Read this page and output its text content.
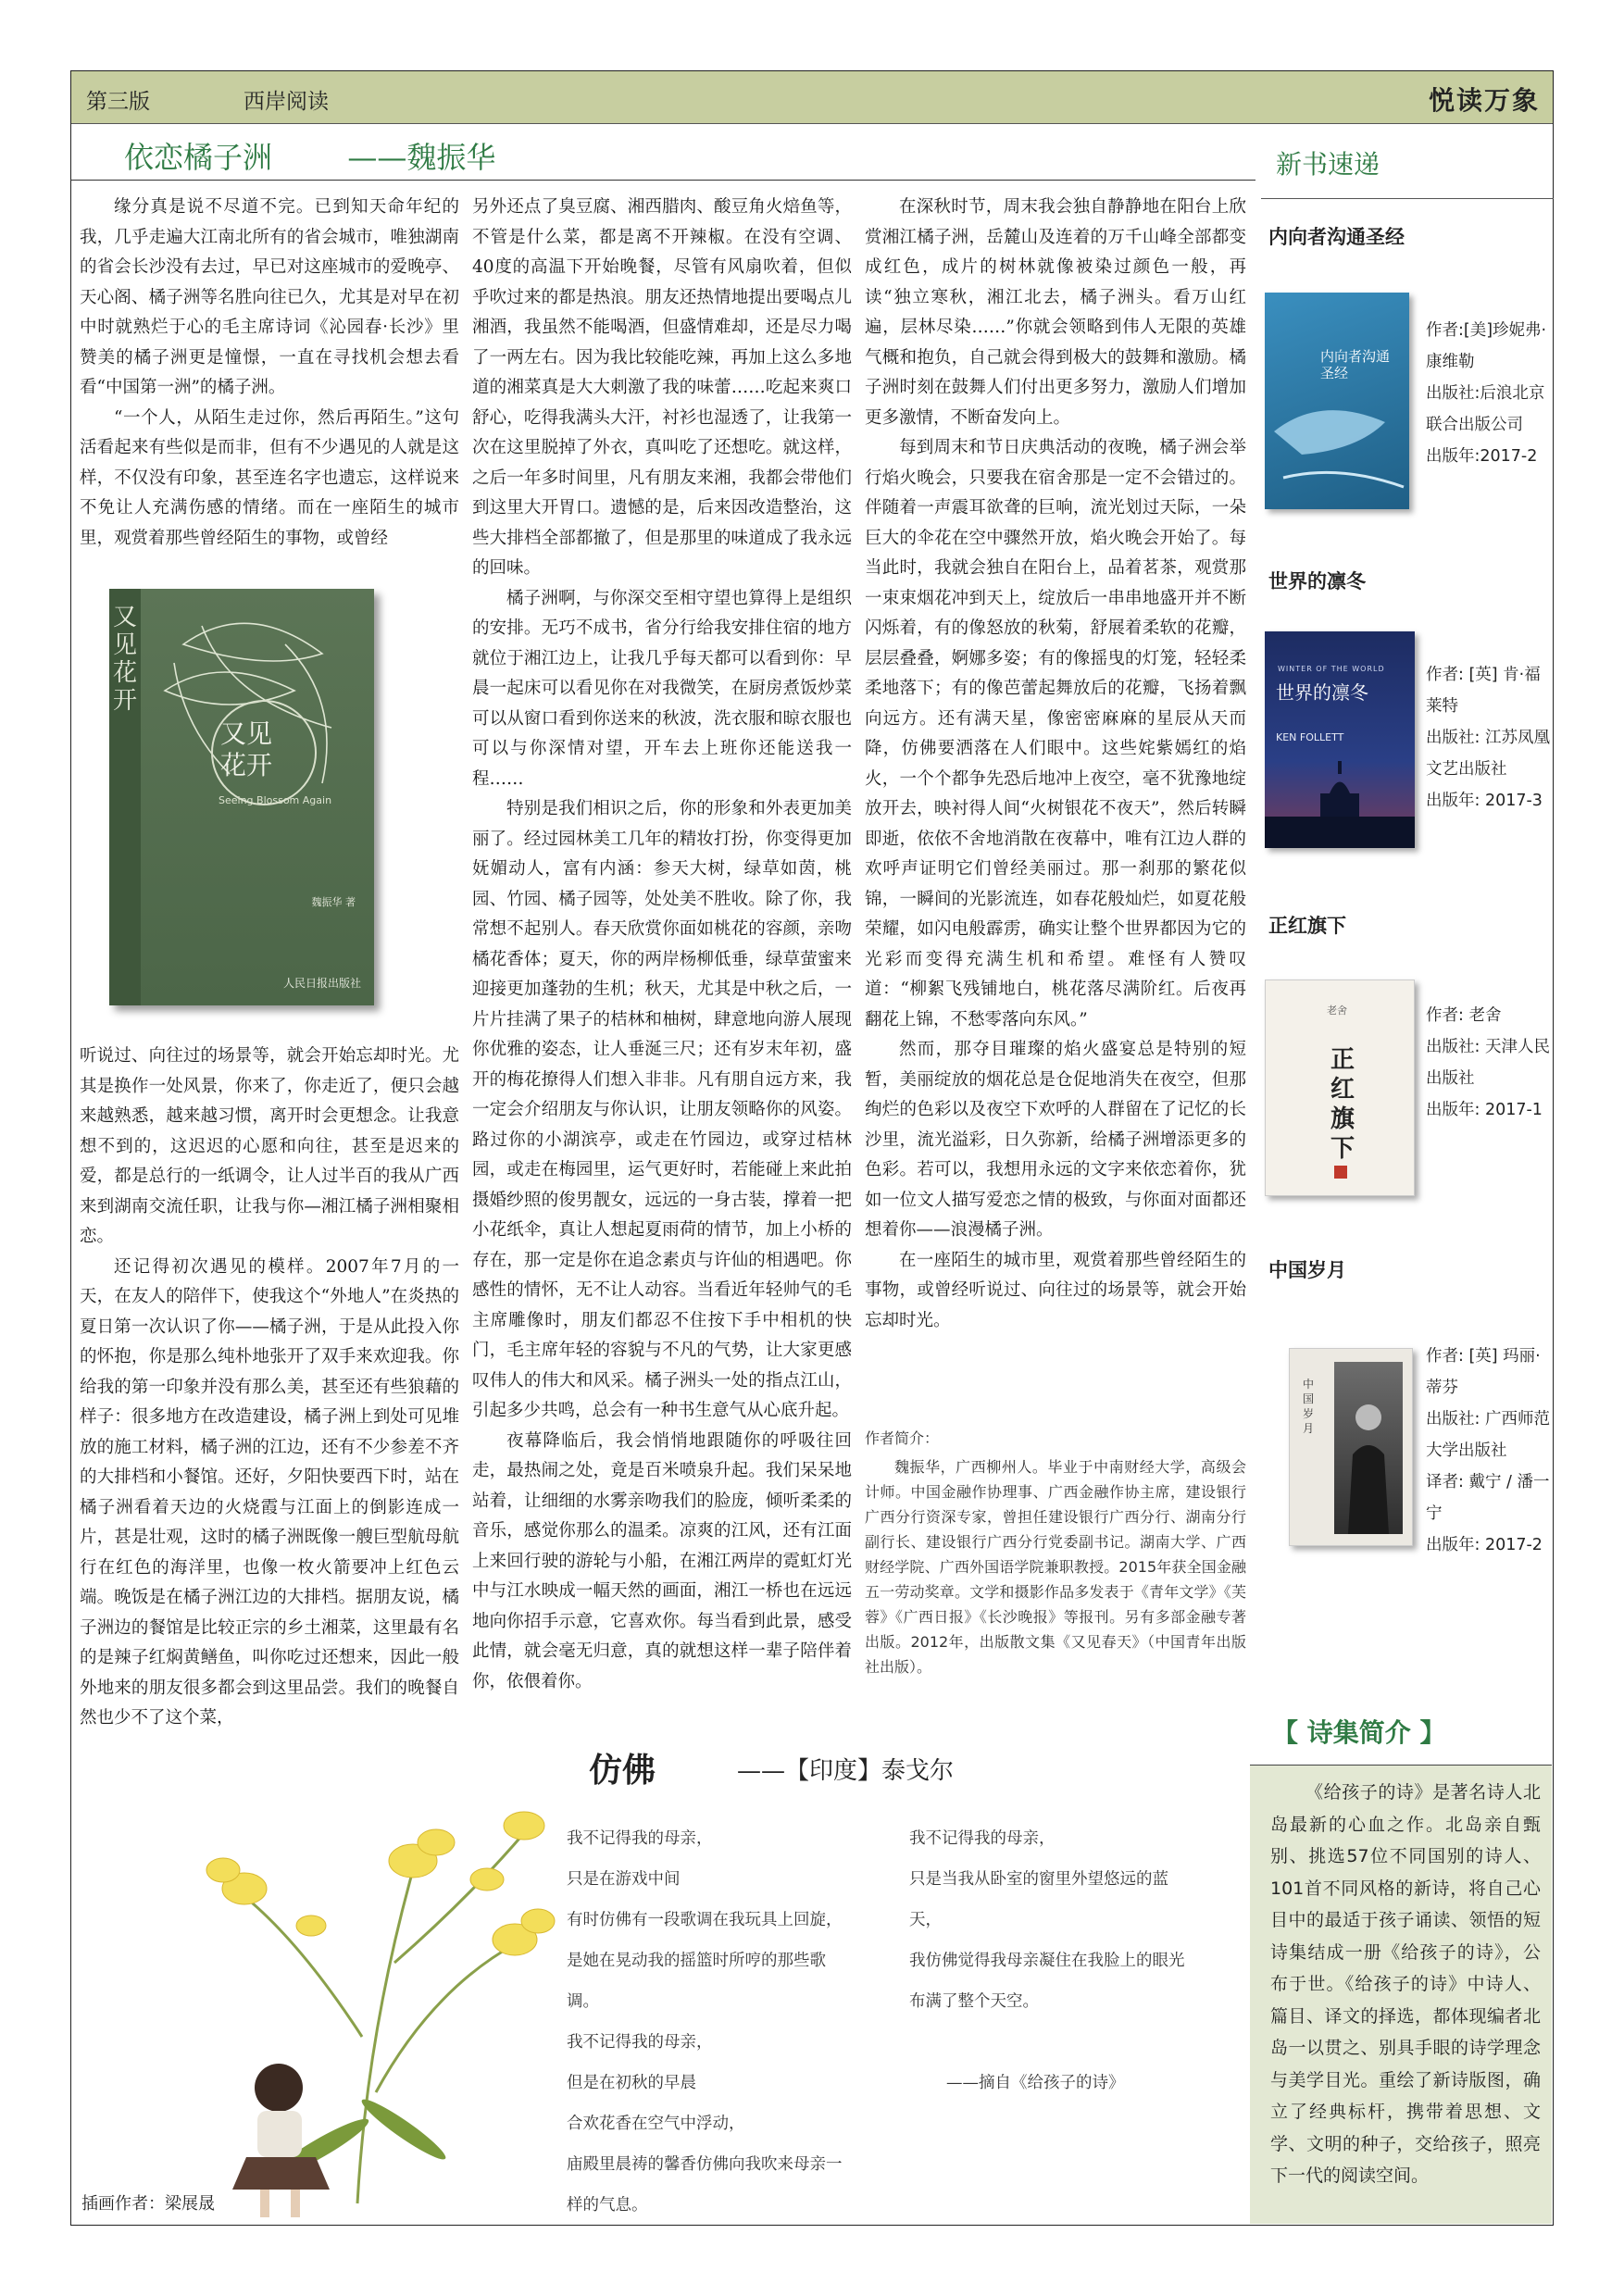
第三版	西岸阅读	悦读万象
依恋橘子洲	——魏振华

缘分真是说不尽道不完。已到知天命年纪的我，几乎走遍大江南北所有的省会城市，唯独湖南的省会长沙没有去过，早已对这座城市的爱晚亭、天心阁、橘子洲等名胜向往已久，尤其是对早在初中时就熟烂于心的毛主席诗词《沁园春·长沙》里赞美的橘子洲更是憧憬，一直在寻找机会想去看看“中国第一洲”的橘子洲。

“一个人，从陌生走过你，然后再陌生。”这句活看起来有些似是而非，但有不少遇见的人就是这样，不仅没有印象，甚至连名字也遗忘，这样说来不免让人充满伤感的情绪。而在一座陌生的城市里，观赏着那些曾经陌生的事物，或曾经

又见花开
又见花开
Seeing Blossom Again
魏振华 著
人民日报出版社

听说过、向往过的场景等，就会开始忘却时光。尤其是换作一处风景，你来了，你走近了，便只会越来越熟悉，越来越习惯，离开时会更想念。让我意想不到的，这迟迟的心愿和向往，甚至是迟来的爱，都是总行的一纸调令，让人过半百的我从广西来到湖南交流任职，让我与你—湘江橘子洲相聚相恋。

还记得初次遇见的模样。2007年7月的一天，在友人的陪伴下，使我这个“外地人”在炎热的夏日第一次认识了你——橘子洲，于是从此投入你的怀抱，你是那么纯朴地张开了双手来欢迎我。你给我的第一印象并没有那么美，甚至还有些狼藉的样子：很多地方在改造建设，橘子洲上到处可见堆放的施工材料，橘子洲的江边，还有不少参差不齐的大排档和小餐馆。还好，夕阳快要西下时，站在橘子洲看着天边的火烧霞与江面上的倒影连成一片，甚是壮观，这时的橘子洲既像一艘巨型航母航行在红色的海洋里，也像一枚火箭要冲上红色云端。晚饭是在橘子洲江边的大排档。据朋友说，橘子洲边的餐馆是比较正宗的乡土湘菜，这里最有名的是辣子红焖黄鳝鱼，叫你吃过还想来，因此一般外地来的朋友很多都会到这里品尝。我们的晚餐自然也少不了这个菜，

另外还点了臭豆腐、湘西腊肉、酸豆角火焙鱼等，不管是什么菜，都是离不开辣椒。在没有空调、40度的高温下开始晚餐，尽管有风扇吹着，但似乎吹过来的都是热浪。朋友还热情地提出要喝点儿湘酒，我虽然不能喝酒，但盛情难却，还是尽力喝了一两左右。因为我比较能吃辣，再加上这么多地道的湘菜真是大大刺激了我的味蕾……吃起来爽口舒心，吃得我满头大汗，衬衫也湿透了，让我第一次在这里脱掉了外衣，真叫吃了还想吃。就这样，之后一年多时间里，凡有朋友来湘，我都会带他们到这里大开胃口。遗憾的是，后来因改造整治，这些大排档全部都撤了，但是那里的味道成了我永远的回味。

橘子洲啊，与你深交至相守望也算得上是组织的安排。无巧不成书，省分行给我安排住宿的地方就位于湘江边上，让我几乎每天都可以看到你：早晨一起床可以看见你在对我微笑，在厨房煮饭炒菜可以从窗口看到你送来的秋波，洗衣服和晾衣服也可以与你深情对望，开车去上班你还能送我一程……

特别是我们相识之后，你的形象和外表更加美丽了。经过园林美工几年的精妆打扮，你变得更加妩媚动人，富有内涵：参天大树，绿草如茵，桃园、竹园、橘子园等，处处美不胜收。除了你，我常想不起别人。春天欣赏你面如桃花的容颜，亲吻橘花香体；夏天，你的两岸杨柳低垂，绿草萤蜜来迎接更加蓬勃的生机；秋天，尤其是中秋之后，一片片挂满了果子的桔林和柚树，肆意地向游人展现你优雅的姿态，让人垂涎三尺；还有岁末年初，盛开的梅花撩得人们想入非非。凡有朋自远方来，我一定会介绍朋友与你认识，让朋友领略你的风姿。路过你的小湖滨亭，或走在竹园边，或穿过桔林园，或走在梅园里，运气更好时，若能碰上来此拍摄婚纱照的俊男靓女，远远的一身古装，撑着一把小花纸伞，真让人想起夏雨荷的情节，加上小桥的存在，那一定是你在追念素贞与许仙的相遇吧。你感性的情怀，无不让人动容。当看近年轻帅气的毛主席雕像时，朋友们都忍不住按下手中相机的快门，毛主席年轻的容貌与不凡的气势，让大家更感叹伟人的伟大和风采。橘子洲头一处的指点江山，引起多少共鸣，总会有一种书生意气从心底升起。

夜幕降临后，我会悄悄地跟随你的呼吸往回走，最热闹之处，竟是百米喷泉升起。我们呆呆地站着，让细细的水雾亲吻我们的脸庞，倾听柔柔的音乐，感觉你那么的温柔。凉爽的江风，还有江面上来回行驶的游轮与小船，在湘江两岸的霓虹灯光中与江水映成一幅天然的画面，湘江一桥也在远远地向你招手示意，它喜欢你。每当看到此景，感受此情，就会毫无归意，真的就想这样一辈子陪伴着你，依偎着你。

在深秋时节，周末我会独自静静地在阳台上欣赏湘江橘子洲，岳麓山及连着的万千山峰全部都变成红色，成片的树林就像被染过颜色一般，再读“独立寒秋，湘江北去，橘子洲头。看万山红遍，层林尽染……”你就会领略到伟人无限的英雄气概和抱负，自己就会得到极大的鼓舞和激励。橘子洲时刻在鼓舞人们付出更多努力，激励人们增加更多激情，不断奋发向上。

每到周末和节日庆典活动的夜晚，橘子洲会举行焰火晚会，只要我在宿舍那是一定不会错过的。伴随着一声震耳欲聋的巨响，流光划过天际，一朵巨大的伞花在空中骤然开放，焰火晚会开始了。每当此时，我就会独自在阳台上，品着茗茶，观赏那一束束烟花冲到天上，绽放后一串串地盛开并不断闪烁着，有的像怒放的秋菊，舒展着柔软的花瓣，层层叠叠，婀娜多姿；有的像摇曳的灯笼，轻轻柔柔地落下；有的像芭蕾起舞放后的花瓣，飞扬着飘向远方。还有满天星，像密密麻麻的星辰从天而降，仿佛要洒落在人们眼中。这些姹紫嫣红的焰火，一个个都争先恐后地冲上夜空，毫不犹豫地绽放开去，映衬得人间“火树银花不夜天”，然后转瞬即逝，依依不舍地消散在夜幕中，唯有江边人群的欢呼声证明它们曾经美丽过。那一刹那的繁花似锦，一瞬间的光影流连，如春花般灿烂，如夏花般荣耀，如闪电般霹雳，确实让整个世界都因为它的光彩而变得充满生机和希望。难怪有人赞叹道：“柳絮飞残铺地白，桃花落尽满阶红。后夜再翻花上锦，不愁零落向东风。”

然而，那夺目璀璨的焰火盛宴总是特别的短暂，美丽绽放的烟花总是仓促地消失在夜空，但那绚烂的色彩以及夜空下欢呼的人群留在了记忆的长沙里，流光溢彩，日久弥新，给橘子洲增添更多的色彩。若可以，我想用永远的文字来依恋着你，犹如一位文人描写爱恋之情的极致，与你面对面都还想着你——浪漫橘子洲。

在一座陌生的城市里，观赏着那些曾经陌生的事物，或曾经听说过、向往过的场景等，就会开始忘却时光。

作者简介：
魏振华，广西柳州人。毕业于中南财经大学，高级会计师。中国金融作协理事、广西金融作协主席，建设银行广西分行资深专家，曾担任建设银行广西分行、湖南分行副行长、建设银行广西分行党委副书记。湖南大学、广西财经学院、广西外国语学院兼职教授。2015年获全国金融五一劳动奖章。文学和摄影作品多发表于《青年文学》《芙蓉》《广西日报》《长沙晚报》等报刊。另有多部金融专著出版。2012年，出版散文集《又见春天》（中国青年出版社出版）。
插画作者：梁展晟
仿佛	——【印度】泰戈尔
我不记得我的母亲，
只是在游戏中间
有时仿佛有一段歌调在我玩具上回旋，
是她在晃动我的摇篮时所哼的那些歌
调。
我不记得我的母亲，
但是在初秋的早晨
合欢花香在空气中浮动，
庙殿里晨祷的馨香仿佛向我吹来母亲一
样的气息。
我不记得我的母亲，
只是当我从卧室的窗里外望悠远的蓝
天，
我仿佛觉得我母亲凝住在我脸上的眼光
布满了整个天空。
——摘自《给孩子的诗》
新书速递
内向者沟通圣经
内向者沟通圣经
作者:[美]珍妮弗·康维勒
出版社:后浪北京联合出版公司
出版年:2017-2
世界的凛冬
WINTER OF THE WORLD
世界的凛冬
KEN FOLLETT
作者: [英] 肯·福莱特
出版社: 江苏凤凰文艺出版社
出版年: 2017-3
正红旗下
老舍
正红旗下
作者: 老舍
出版社: 天津人民出版社
出版年: 2017-1
中国岁月
中国岁月
作者: [英] 玛丽·蒂芬
出版社: 广西师范大学出版社
译者: 戴宁 / 潘一宁
出版年: 2017-2
【 诗集简介 】
《给孩子的诗》是著名诗人北岛最新的心血之作。北岛亲自甄别、挑选57位不同国别的诗人、101首不同风格的新诗，将自己心目中的最适于孩子诵读、领悟的短诗集结成一册《给孩子的诗》，公布于世。《给孩子的诗》中诗人、篇目、译文的择选，都体现编者北岛一以贯之、别具手眼的诗学理念与美学目光。重绘了新诗版图，确立了经典标杆，携带着思想、文学、文明的种子，交给孩子，照亮下一代的阅读空间。
